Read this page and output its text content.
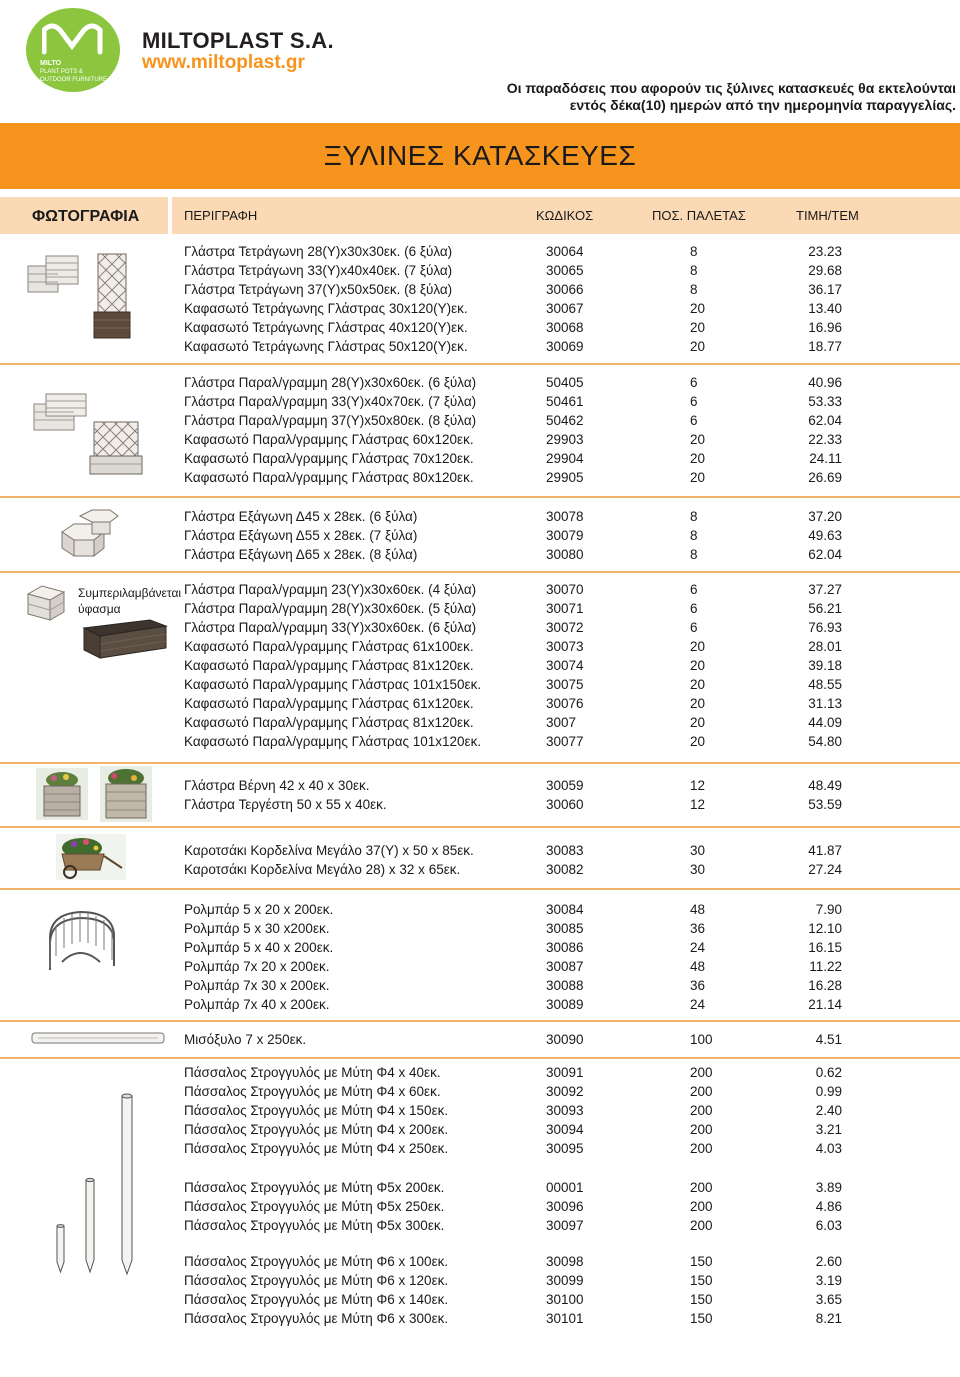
MILTO
PLANT POTS &
OUTDOOR FURNITURE
MILTOPLAST S.A.
www.miltoplast.gr
Οι παραδόσεις που αφορούν τις ξύλινες κατασκευές θα εκτελούνται
εντός δέκα(10) ημερών από την ημερομηνία παραγγελίας.
ΞΥΛΙΝΕΣ ΚΑΤΑΣΚΕΥΕΣ
ΦΩΤΟΓΡΑΦΙΑ	ΠΕΡΙΓΡΑΦΗ	ΚΩΔΙΚΟΣ	ΠΟΣ. ΠΑΛΕΤΑΣ	ΤΙΜΗ/ΤΕΜ
Συμπεριλαμβάνεται
ύφασμα
Γλάστρα Τετράγωνη 28(Υ)x30x30εκ. (6 ξύλα)	30064	8	23.23
Γλάστρα Τετράγωνη 33(Υ)x40x40εκ. (7 ξύλα)	30065	8	29.68
Γλάστρα Τετράγωνη 37(Υ)x50x50εκ. (8 ξύλα)	30066	8	36.17
Καφασωτό Τετράγωνης Γλάστρας 30x120(Υ)εκ.	30067	20	13.40
Καφασωτό Τετράγωνης Γλάστρας 40x120(Υ)εκ.	30068	20	16.96
Καφασωτό Τετράγωνης Γλάστρας 50x120(Υ)εκ.	30069	20	18.77
Γλάστρα Παραλ/γραμμη 28(Υ)x30x60εκ. (6 ξύλα)	50405	6	40.96
Γλάστρα Παραλ/γραμμη 33(Υ)x40x70εκ. (7 ξύλα)	50461	6	53.33
Γλάστρα Παραλ/γραμμη 37(Υ)x50x80εκ. (8 ξύλα)	50462	6	62.04
Καφασωτό Παραλ/γραμμης Γλάστρας 60x120εκ.	29903	20	22.33
Καφασωτό Παραλ/γραμμης Γλάστρας 70x120εκ.	29904	20	24.11
Καφασωτό Παραλ/γραμμης Γλάστρας 80x120εκ.	29905	20	26.69
Γλάστρα Εξάγωνη Δ45 x 28εκ. (6 ξύλα)	30078	8	37.20
Γλάστρα Εξάγωνη Δ55 x 28εκ. (7 ξύλα)	30079	8	49.63
Γλάστρα Εξάγωνη Δ65 x 28εκ. (8 ξύλα)	30080	8	62.04
Γλάστρα Παραλ/γραμμη 23(Υ)x30x60εκ. (4 ξύλα)	30070	6	37.27
Γλάστρα Παραλ/γραμμη 28(Υ)x30x60εκ. (5 ξύλα)	30071	6	56.21
Γλάστρα Παραλ/γραμμη 33(Υ)x30x60εκ. (6 ξύλα)	30072	6	76.93
Καφασωτό Παραλ/γραμμης Γλάστρας 61x100εκ.	30073	20	28.01
Καφασωτό Παραλ/γραμμης Γλάστρας 81x120εκ.	30074	20	39.18
Καφασωτό Παραλ/γραμμης Γλάστρας 101x150εκ.	30075	20	48.55
Καφασωτό Παραλ/γραμμης Γλάστρας 61x120εκ.	30076	20	31.13
Καφασωτό Παραλ/γραμμης Γλάστρας 81x120εκ.	3007	20	44.09
Καφασωτό Παραλ/γραμμης Γλάστρας 101x120εκ.	30077	20	54.80
Γλάστρα Βέρνη 42 x 40 x 30εκ.	30059	12	48.49
Γλάστρα Τεργέστη 50 x 55 x 40εκ.	30060	12	53.59
Καροτσάκι Κορδελίνα Μεγάλο 37(Υ) x 50 x 85εκ.	30083	30	41.87
Καροτσάκι Κορδελίνα Μεγάλο 28) x 32 x 65εκ.	30082	30	27.24
Ρολμπάρ 5 x 20 x 200εκ.	30084	48	7.90
Ρολμπάρ 5 x 30 x200εκ.	30085	36	12.10
Ρολμπάρ 5 x 40 x 200εκ.	30086	24	16.15
Ρολμπάρ 7x 20 x 200εκ.	30087	48	11.22
Ρολμπάρ 7x 30 x 200εκ.	30088	36	16.28
Ρολμπάρ 7x 40 x 200εκ.	30089	24	21.14
Μισόξυλο 7 x 250εκ.	30090	100	4.51
Πάσσαλος Στρογγυλός με Μύτη Φ4 x 40εκ.	30091	200	0.62
Πάσσαλος Στρογγυλός με Μύτη Φ4 x 60εκ.	30092	200	0.99
Πάσσαλος Στρογγυλός με Μύτη Φ4 x 150εκ.	30093	200	2.40
Πάσσαλος Στρογγυλός με Μύτη Φ4 x 200εκ.	30094	200	3.21
Πάσσαλος Στρογγυλός με Μύτη Φ4 x 250εκ.	30095	200	4.03
Πάσσαλος Στρογγυλός με Μύτη Φ5x 200εκ.	00001	200	3.89
Πάσσαλος Στρογγυλός με Μύτη Φ5x 250εκ.	30096	200	4.86
Πάσσαλος Στρογγυλός με Μύτη Φ5x 300εκ.	30097	200	6.03
Πάσσαλος Στρογγυλός με Μύτη Φ6 x 100εκ.	30098	150	2.60
Πάσσαλος Στρογγυλός με Μύτη Φ6 x 120εκ.	30099	150	3.19
Πάσσαλος Στρογγυλός με Μύτη Φ6 x 140εκ.	30100	150	3.65
Πάσσαλος Στρογγυλός με Μύτη Φ6 x 300εκ.	30101	150	8.21
